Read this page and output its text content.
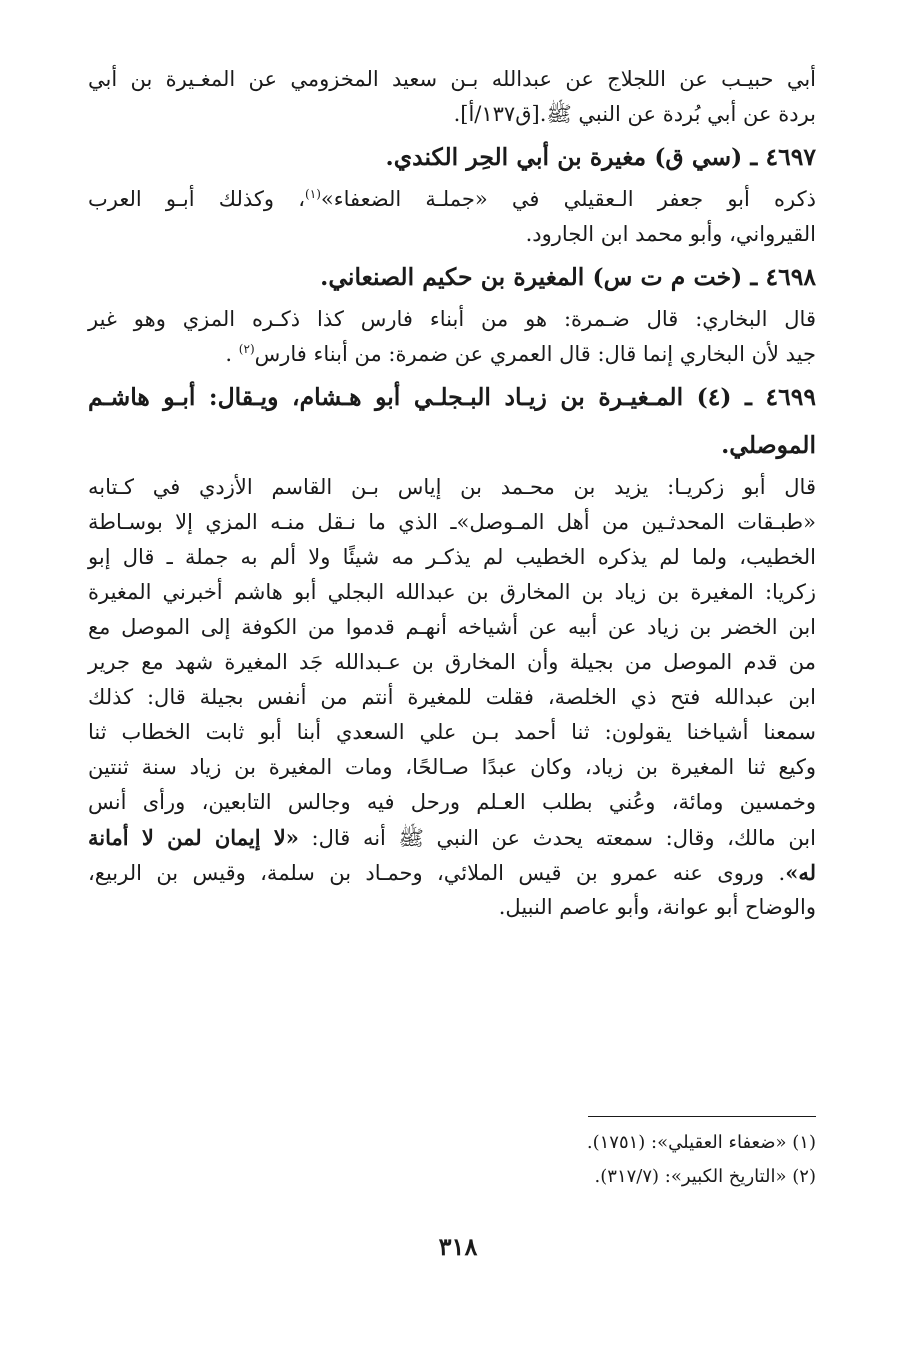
أبي حبيـب عن اللجلاج عن عبدالله بـن سعيد المخزومي عن المغـيرة بن أبي
بردة عن أبي بُردة عن النبي ﷺ.[ق١٣٧/أ].
٤٦٩٧ ـ (سي ق) مغيرة بن أبي الحِر الكندي.
ذكره أبو جعفر الـعقيلي في «جملـة الضعفاء»$^{(١)}$، وكذلك أبـو العرب
القيرواني، وأبو محمد ابن الجارود.
٤٦٩٨ ـ (خت م ت س) المغيرة بن حكيم الصنعاني.
قال البخاري: قال ضـمرة: هو من أبناء فارس كذا ذكـره المزي وهو غير
جيد لأن البخاري إنما قال: قال العمري عن ضمرة: من أبناء فارس$^{(٢)}$ .
٤٦٩٩ ـ (٤) المـغيـرة بن زيـاد البـجلـي أبو هـشام، ويـقال: أبـو هاشـم
الموصلي.
قال أبو زكريـا: يزيد بن محـمد بن إياس بـن القاسم الأزدي في كـتابه
«طبـقات المحدثـين من أهل المـوصل»ـ الذي ما نـقل منـه المزي إلا بوسـاطة
الخطيب، ولما لم يذكره الخطيب لم يذكـر مه شيئًا ولا ألم به جملة ـ قال إبو
زكريا: المغيرة بن زياد بن المخارق بن عبدالله البجلي أبو هاشم أخبرني المغيرة
ابن الخضر بن زياد عن أبيه عن أشياخه أنهـم قدموا من الكوفة إلى الموصل مع
من قدم الموصل من بجيلة وأن المخارق بن عـبدالله جَد المغيرة شهد مع جرير
ابن عبدالله فتح ذي الخلصة، فقلت للمغيرة أنتم من أنفس بجيلة قال: كذلك
سمعنا أشياخنا يقولون: ثنا أحمد بـن علي السعدي أبنا أبو ثابت الخطاب ثنا
وكيع ثنا المغيرة بن زياد، وكان عبدًا صـالحًا، ومات المغيرة بن زياد سنة ثنتين
وخمسين ومائة، وعُني بطلب العـلم ورحل فيه وجالس التابعين، ورأى أنس
ابن مالك، وقال: سمعته يحدث عن النبي ﷺ أنه قال: «لا إيمان لمن لا أمانة
له». وروى عنه عمرو بن قيس الملائي، وحمـاد بن سلمة، وقيس بن الربيع،
والوضاح أبو عوانة، وأبو عاصم النبيل.
(١) «ضعفاء العقيلي»: (١٧٥١).
(٢) «التاريخ الكبير»: (٣١٧/٧).
٣١٨
